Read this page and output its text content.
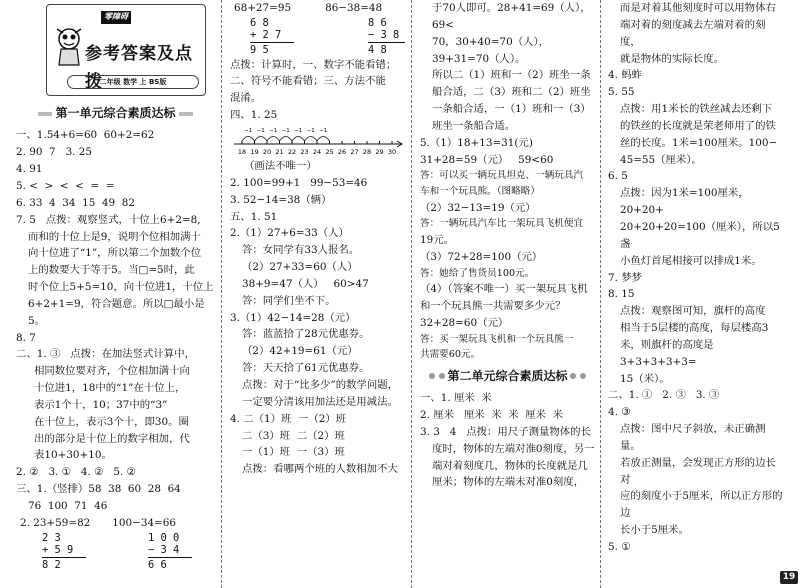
零障碍
参考答案及点拨
二年级 数学 上 BS版
第一单元综合素质达标
一、1.54+6=60  60+2=62
2. 90  7   3. 25
4. 91
5. <  >  <  <  =  =
6. 33  4  34  15  49  82
7. 5   点拨：观察竖式，十位上6+2=8,
而和的十位上是9，说明个位相加满十
向十位进了“1”，所以第二个加数个位
上的数要大于等于5。当□=5时，此
时个位上5+5=10，向十位进1，十位上
6+2+1=9，符合题意。所以□最小是5。
8. 7
二、1. ③   点拨：在加法竖式计算中，
相同数位要对齐，个位相加满十向
十位进1，18中的“1”在十位上，
表示1个十，10；37中的“3”
在十位上，表示3个十，即30。圈
出的部分是十位上的数字相加，代
表10+30+10。
2. ②   3. ①   4. ②   5. ②
三、1.（竖排）58  38  60  28  64
76  100  71  46
2. 23+59=82 100−34=66
2 3
+ 5 9
8 2
1 0 0
− 3 4
6 6
68+27=95	86−38=48
6 8
+ 2 7
9 5
8 6
− 3 8
4 8
点拨：计算时，一、数字不能看错；
二、符号不能看错；三、方法不能
混淆。
四、1. 25
18 19 20 21 22 23 24 25 26 27 28 29 30
−1
−1
−1
−1
−1
−1
−1
（画法不唯一）
2. 100=99+1   99−53=46
3. 52−14=38（辆）
五、1. 51
2.（1）27+6=33（人）
答：女同学有33人报名。
（2）27+33=60（人）
38+9=47（人）   60>47
答：同学们坐不下。
3.（1）42−14=28（元）
答：蓝蓝拾了28元优惠券。
（2）42+19=61（元）
答：天天拾了61元优惠券。
点拨：对于“比多少”的数学问题，
一定要分清该用加法还是用减法。
4. 二（1）班  一（2）班
二（3）班  二（2）班
一（1）班  一（3）班
点拨：看哪两个班的人数相加不大
于70人即可。28+41=69（人），69<
70，30+40=70（人），39+31=70（人）。
所以二（1）班和一（2）班坐一条
船合适，二（3）班和二（2）班坐
一条船合适，一（1）班和一（3）
班坐一条船合适。
5.（1）18+13=31(元)
31+28=59（元）   59<60
答：可以买一辆玩具坦克、一辆玩具汽
车和一个玩具熊。（图略略）
（2）32−13=19（元）
答：一辆玩具汽车比一架玩具飞机便宜
19元。
（3）72+28=100（元）
答：她给了售货员100元。
（4）（答案不唯一）买一架玩具飞机
和一个玩具熊一共需要多少元？
32+28=60（元）
答：买一架玩具飞机和一个玩具熊一
共需要60元。
第二单元综合素质达标
一、1. 厘米  米
2. 厘米   厘米  米  米  厘米  米
3. 3   4   点拨：用尺子测量物体的长
度时，物体的左端对准0刻度，另一
端对着刻度几，物体的长度就是几
厘米；物体的左端未对准0刻度，
而是对着其他刻度时可以用物体右
端对着的刻度减去左端对着的刻度，
就是物体的实际长度。
4. 蚂蚱
5. 55
点拨：用1米长的铁丝减去还剩下
的铁丝的长度就是荣老师用了的铁
丝的长度。1米=100厘米。100−
45=55（厘米）。
6. 5
点拨：因为1米=100厘米，20+20+
20+20+20=100（厘米），所以5盏
小鱼灯首尾相接可以排成1米。
7. 梦梦
8. 15
点拨：观察图可知，旗杆的高度
相当于5层楼的高度，每层楼高3
米，则旗杆的高度是3+3+3+3+3=
15（米）。
二、1. ①   2. ③   3. ③
4. ③
点拨：图中尺子斜放，未正确测量。
若放正测量，会发现正方形的边长对
应的刻度小于5厘米，所以正方形的边
长小于5厘米。
5. ①
19
